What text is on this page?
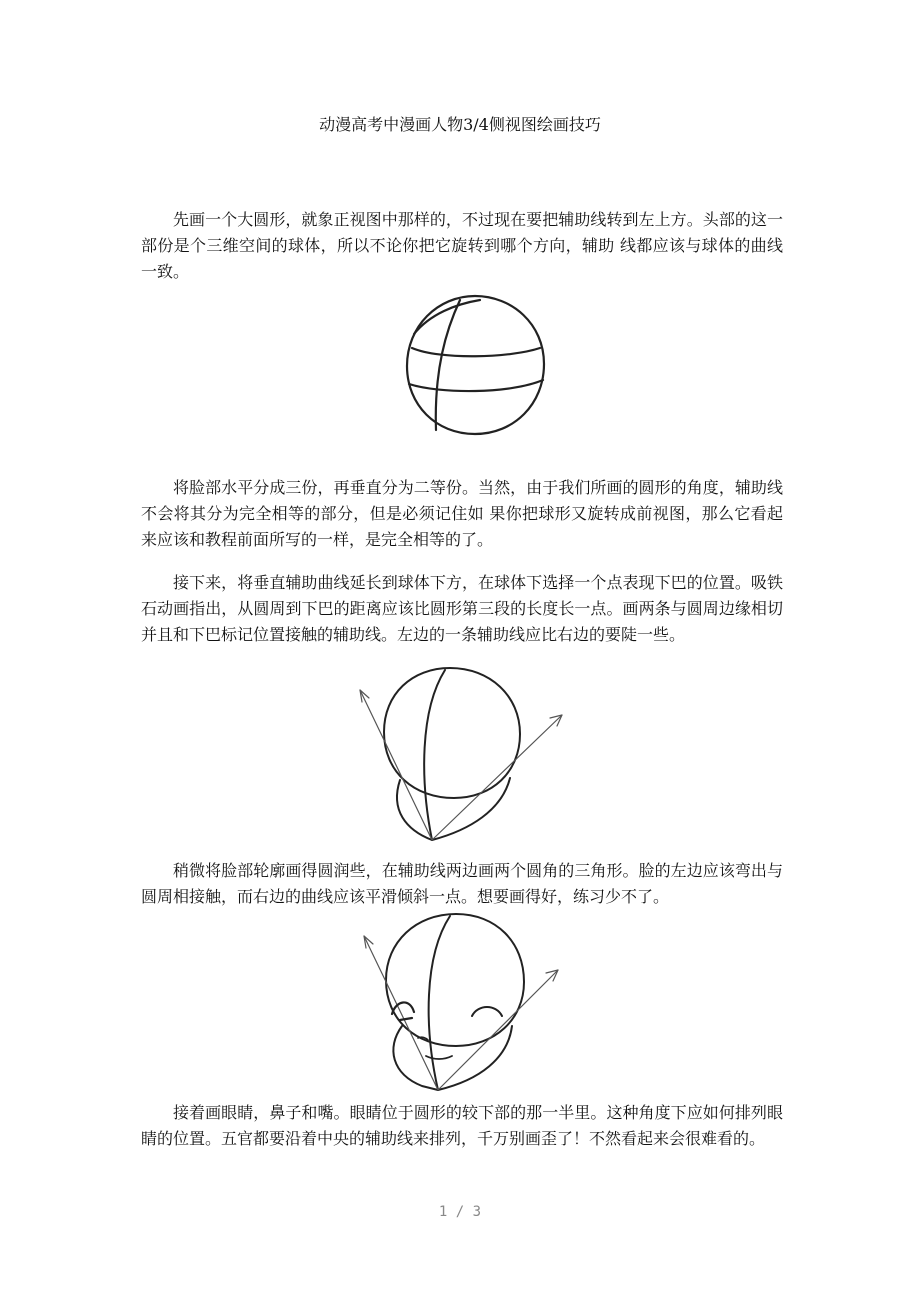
动漫高考中漫画人物3/4侧视图绘画技巧

先画一个大圆形，就象正视图中那样的，不过现在要把辅助线转到左上方。头部的这一部份是个三维空间的球体，所以不论你把它旋转到哪个方向，辅助 线都应该与球体的曲线一致。

将脸部水平分成三份，再垂直分为二等份。当然，由于我们所画的圆形的角度，辅助线不会将其分为完全相等的部分，但是必须记住如 果你把球形又旋转成前视图，那么它看起来应该和教程前面所写的一样，是完全相等的了。

接下来，将垂直辅助曲线延长到球体下方，在球体下选择一个点表现下巴的位置。吸铁石动画指出，从圆周到下巴的距离应该比圆形第三段的长度长一点。画两条与圆周边缘相切并且和下巴标记位置接触的辅助线。左边的一条辅助线应比右边的要陡一些。

稍微将脸部轮廓画得圆润些，在辅助线两边画两个圆角的三角形。脸的左边应该弯出与圆周相接触，而右边的曲线应该平滑倾斜一点。想要画得好，练习少不了。

接着画眼睛，鼻子和嘴。眼睛位于圆形的较下部的那一半里。这种角度下应如何排列眼睛的位置。五官都要沿着中央的辅助线来排列，千万别画歪了！不然看起来会很难看的。

1 / 3
